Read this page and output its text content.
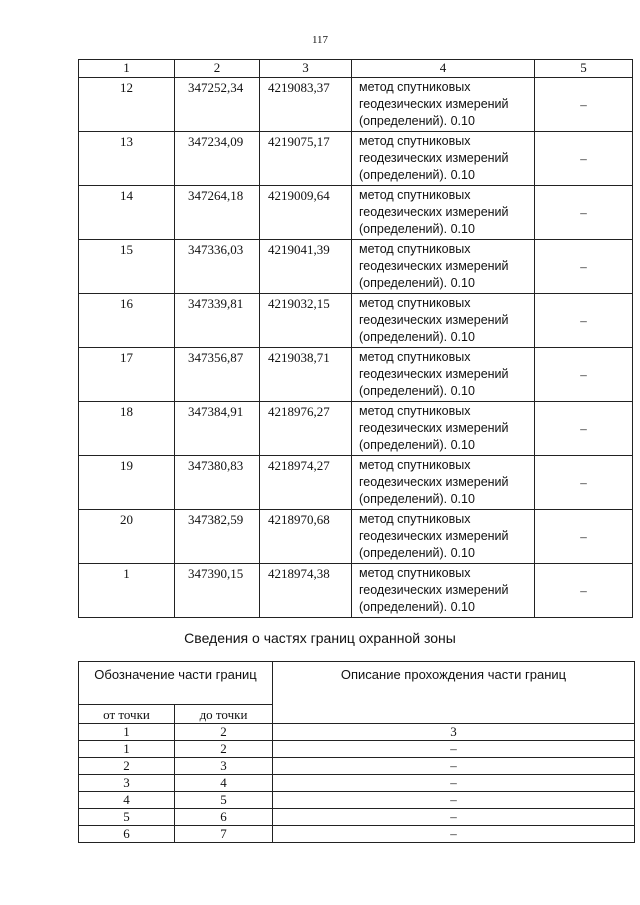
117
1	2	3	4	5
12	347252,34	4219083,37	метод спутниковых
геодезических измерений
(определений). 0.10	–
13	347234,09	4219075,17	метод спутниковых
геодезических измерений
(определений). 0.10	–
14	347264,18	4219009,64	метод спутниковых
геодезических измерений
(определений). 0.10	–
15	347336,03	4219041,39	метод спутниковых
геодезических измерений
(определений). 0.10	–
16	347339,81	4219032,15	метод спутниковых
геодезических измерений
(определений). 0.10	–
17	347356,87	4219038,71	метод спутниковых
геодезических измерений
(определений). 0.10	–
18	347384,91	4218976,27	метод спутниковых
геодезических измерений
(определений). 0.10	–
19	347380,83	4218974,27	метод спутниковых
геодезических измерений
(определений). 0.10	–
20	347382,59	4218970,68	метод спутниковых
геодезических измерений
(определений). 0.10	–
1	347390,15	4218974,38	метод спутниковых
геодезических измерений
(определений). 0.10	–
Сведения о частях границ охранной зоны
Обозначение части границ		Описание прохождения части границ
от точки	до точки	
1	2	3
1	2	–
2	3	–
3	4	–
4	5	–
5	6	–
6	7	–
